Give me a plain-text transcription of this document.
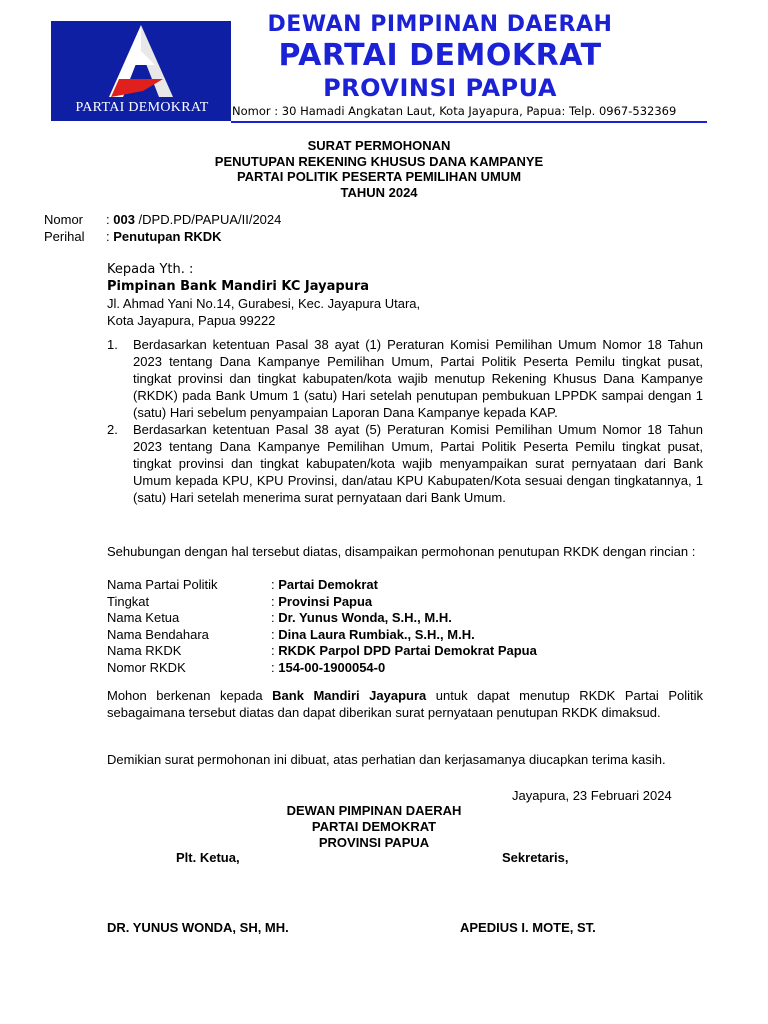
PARTAI DEMOKRAT
DEWAN PIMPINAN DAERAH
PARTAI DEMOKRAT
PROVINSI PAPUA
Nomor : 30 Hamadi Angkatan Laut, Kota Jayapura, Papua: Telp. 0967-532369
SURAT PERMOHONAN
PENUTUPAN REKENING KHUSUS DANA KAMPANYE
PARTAI POLITIK PESERTA PEMILIHAN UMUM
TAHUN 2024
Nomor : 003 /DPD.PD/PAPUA/II/2024
Perihal : Penutupan RKDK
Kepada Yth. :
Pimpinan Bank Mandiri KC Jayapura
Jl. Ahmad Yani No.14, Gurabesi, Kec. Jayapura Utara,
Kota Jayapura, Papua 99222
1. Berdasarkan ketentuan Pasal 38 ayat (1) Peraturan Komisi Pemilihan Umum Nomor 18 Tahun 2023 tentang Dana Kampanye Pemilihan Umum, Partai Politik Peserta Pemilu tingkat pusat, tingkat provinsi dan tingkat kabupaten/kota wajib menutup Rekening Khusus Dana Kampanye (RKDK) pada Bank Umum 1 (satu) Hari setelah penutupan pembukuan LPPDK sampai dengan 1 (satu) Hari sebelum penyampaian Laporan Dana Kampanye kepada KAP.
2. Berdasarkan ketentuan Pasal 38 ayat (5) Peraturan Komisi Pemilihan Umum Nomor 18 Tahun 2023 tentang Dana Kampanye Pemilihan Umum, Partai Politik Peserta Pemilu tingkat pusat, tingkat provinsi dan tingkat kabupaten/kota wajib menyampaikan surat pernyataan dari Bank Umum kepada KPU, KPU Provinsi, dan/atau KPU Kabupaten/Kota sesuai dengan tingkatannya, 1 (satu) Hari setelah menerima surat pernyataan dari Bank Umum.
Sehubungan dengan hal tersebut diatas, disampaikan permohonan penutupan RKDK dengan rincian :
Nama Partai Politik	: Partai Demokrat
Tingkat	: Provinsi Papua
Nama Ketua	: Dr. Yunus Wonda, S.H., M.H.
Nama Bendahara	: Dina Laura Rumbiak., S.H., M.H.
Nama RKDK	: RKDK Parpol DPD Partai Demokrat Papua
Nomor RKDK	: 154-00-1900054-0
Mohon berkenan kepada Bank Mandiri Jayapura untuk dapat menutup RKDK Partai Politik sebagaimana tersebut diatas dan dapat diberikan surat pernyataan penutupan RKDK dimaksud.
Demikian surat permohonan ini dibuat, atas perhatian dan kerjasamanya diucapkan terima kasih.
Jayapura, 23 Februari 2024
DEWAN PIMPINAN DAERAH
PARTAI DEMOKRAT
PROVINSI PAPUA
Plt. Ketua,	Sekretaris,
DR. YUNUS WONDA, SH, MH.	APEDIUS I. MOTE, ST.
